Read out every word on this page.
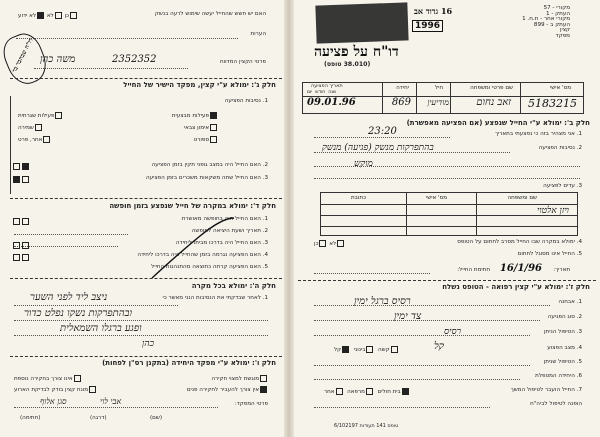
האם יש חשש שהחייל יעשה שימוש לרעה בנשק
כן לא לא ידוע
הערות
פרטי הקצין המדווח
2352352
משה כהן
דו"ח שבחבר בר
חלק ג': ימולא ע"י קצין, מפקד הישיר של החייל
1. נסיבות הפציעה
פעילות מבצעית
פעילות שגרתית
אימון צבאי
שמירה
ספורט
אחר, פרט
2. האם החייל היה במצב גופני תקין בזמן הפציעה
3. האם החייל שתה משקאות משכרים בזמן הפציעה
חלק ד': ימולא במקרה של חייל שנפצע בזמן חופשה
1. האם החייל היה בחופשה מאושרת
2. תאריך ושעת היציאה לחופשה
3. האם החייל היה בדרכו מביתו ליחידה
4. האם הפציעה נגרמה בזמן שהחייל היה בדרכו ליחידה
5. האם הפציעה קרתה כתוצאה מהתנהגות החייל
חלק ה': ימולא בכל מקרה
1. לאחר שבדקתי את הנסיבות הנני מאשר כי
ניצב ליד לפני השער
ובהתפרקות נשקו נפלט כדור
ופגע ברגלו השמאלית
כהן
חלק ו': ימולא ע"י מפקד היחידה (בתקנן רס"ן לפחות)
מוגשת למצוי חקירה
אינו צורך בחקירה נוספת
אין צורך להעביר לחקירה פנים
מונח קצין בודק לבדיקת הארוע
פרטי המפקד:
אבי לוי
סגן אלוף
(שם)
(חתימה)	(דרגה)
מקורי - 57
העתק - 1
מקורי אחר - ת.ח. 1
העתק ב - 899
קצין
מפקד
16 גדוד אב
1996
דו"ח על פציעה
(38.010 טופס)
מס' אישי
שם פרטי ומשפחה
חיל
יחידה
תאריך הפציעה
שנה  חודש  יום
5183215
זאב נחום
מודיעין
869
09.01.96
חלק ב': ימולא ע"י החייל שנפצע (אם הפציעה מאפשרת)
1. אני מצהיר בזה כי נפצעתי בתאריך
23:20
2. נסיבות הפציעה
בהתפרקות מנשק (פגיעה) מנשק
מוקש
3. עדים לפציעה
שם ומשפחה
מס' אישי
כתובת
ויזן אלטוי
4. ימולא במקרה שבו החייל מסרב לחתום על הטופס
לא כן
5. החייל אינו מסוגל לחתום
תאריך:
16/1/96
חתימת החייל:
חלק ז': ימולא ע"י קצין רפואה - הטופס נשלח
1. אבחנה
רסיס ברגל ימין
2. סוג הפגיעה
צד ימין
3. הטיפול הניתן
רסיס
4. מצב הפצוע
קשה  בינוני  קל	קל
5. הטיפול שניתן
6. היחידה המטפלת
7. החייל הועבר לטיפול המשך
בית חולים  מרפאה  אחר
הופנה לטיפול לביה"ח
טופס 141 תעודות 6/102197
